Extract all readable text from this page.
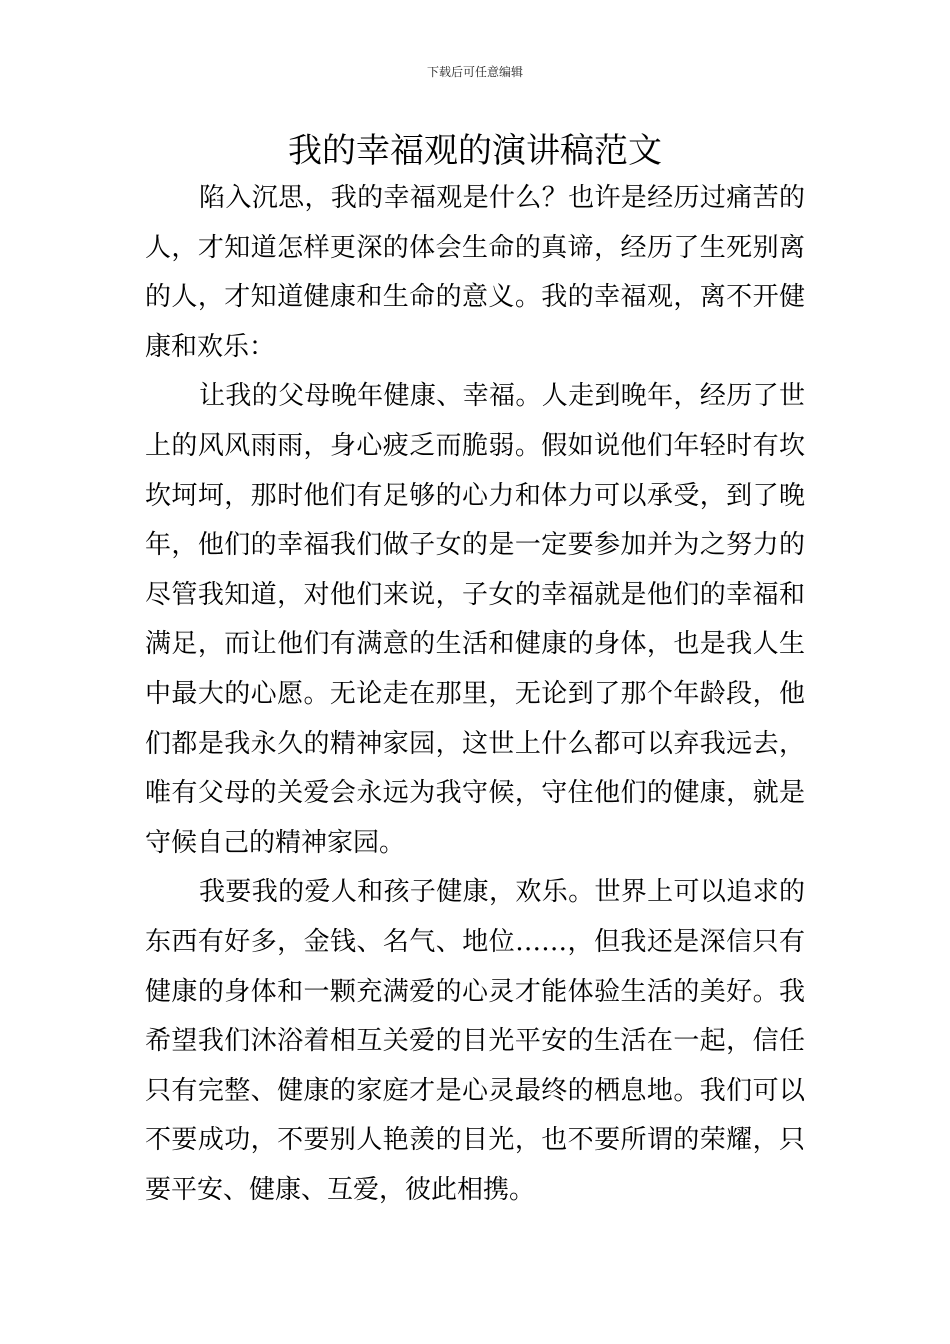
下载后可任意编辑
我的幸福观的演讲稿范文

陷入沉思，我的幸福观是什么？也许是经历过痛苦的人，才知道怎样更深的体会生命的真谛，经历了生死别离的人，才知道健康和生命的意义。我的幸福观，离不开健康和欢乐：

让我的父母晚年健康、幸福。人走到晚年，经历了世上的风风雨雨，身心疲乏而脆弱。假如说他们年轻时有坎坎坷坷，那时他们有足够的心力和体力可以承受，到了晚年，他们的幸福我们做子女的是一定要参加并为之努力的尽管我知道，对他们来说，子女的幸福就是他们的幸福和满足，而让他们有满意的生活和健康的身体，也是我人生中最大的心愿。无论走在那里，无论到了那个年龄段，他们都是我永久的精神家园，这世上什么都可以弃我远去，唯有父母的关爱会永远为我守候，守住他们的健康，就是守候自己的精神家园。

我要我的爱人和孩子健康，欢乐。世界上可以追求的东西有好多，金钱、名气、地位……，但我还是深信只有健康的身体和一颗充满爱的心灵才能体验生活的美好。我希望我们沐浴着相互关爱的目光平安的生活在一起，信任只有完整、健康的家庭才是心灵最终的栖息地。我们可以不要成功，不要别人艳羡的目光，也不要所谓的荣耀，只要平安、健康、互爱，彼此相携。
